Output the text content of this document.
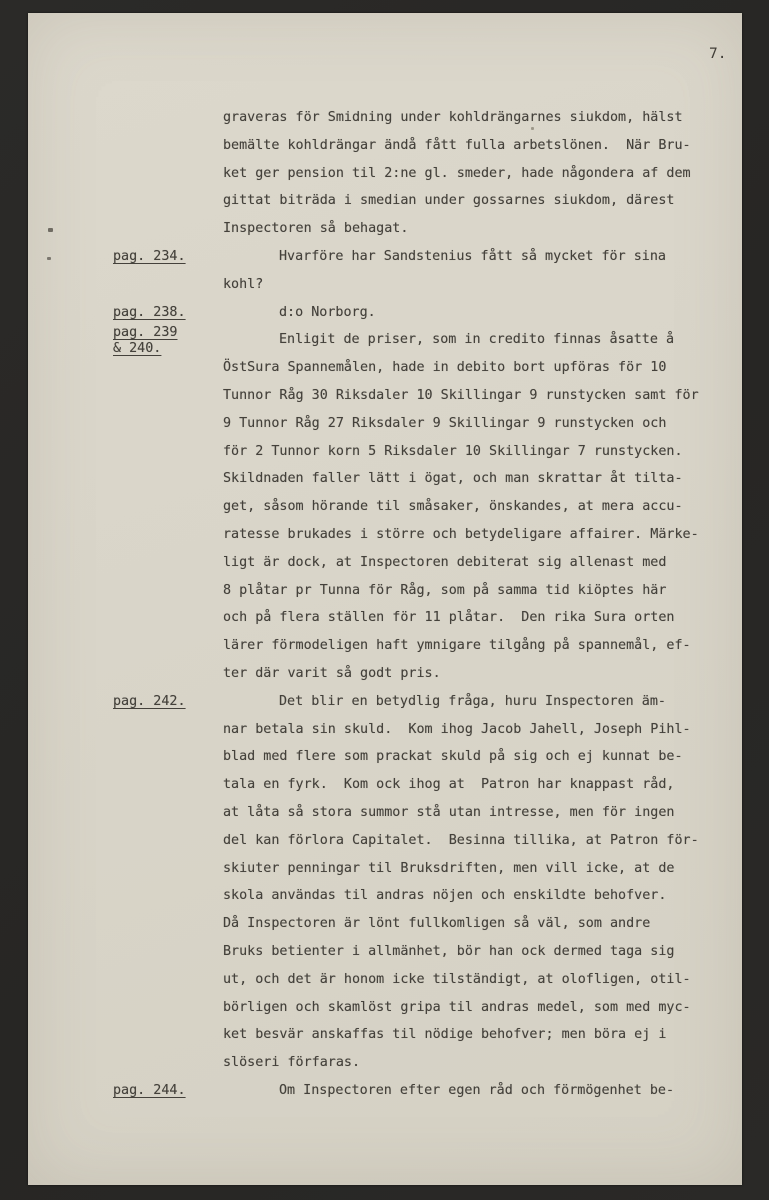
7.
graveras för Smidning under kohldrängarnes siukdom, hälst
bemälte kohldrängar ändå fått fulla arbetslönen.  När Bru-
ket ger pension til 2:ne gl. smeder, hade någondera af dem
gittat biträda i smedian under gossarnes siukdom, därest
Inspectoren så behagat.
pag. 234.	Hvarföre har Sandstenius fått så mycket för sina
kohl?
pag. 238.	d:o Norborg.
pag. 239
& 240.
Enligit de priser, som in credito finnas åsatte å
ÖstSura Spannemålen, hade in debito bort upföras för 10
Tunnor Råg 30 Riksdaler 10 Skillingar 9 runstycken samt för
9 Tunnor Råg 27 Riksdaler 9 Skillingar 9 runstycken och
för 2 Tunnor korn 5 Riksdaler 10 Skillingar 7 runstycken.
Skildnaden faller lätt i ögat, och man skrattar åt tilta-
get, såsom hörande til småsaker, önskandes, at mera accu-
ratesse brukades i större och betydeligare affairer. Märke-
ligt är dock, at Inspectoren debiterat sig allenast med
8 plåtar pr Tunna för Råg, som på samma tid kiöptes här
och på flera ställen för 11 plåtar.  Den rika Sura orten
lärer förmodeligen haft ymnigare tilgång på spannemål, ef-
ter där varit så godt pris.
pag. 242.	Det blir en betydlig fråga, huru Inspectoren äm-
nar betala sin skuld.  Kom ihog Jacob Jahell, Joseph Pihl-
blad med flere som prackat skuld på sig och ej kunnat be-
tala en fyrk.  Kom ock ihog at  Patron har knappast råd,
at låta så stora summor stå utan intresse, men för ingen
del kan förlora Capitalet.  Besinna tillika, at Patron för-
skiuter penningar til Bruksdriften, men vill icke, at de
skola användas til andras nöjen och enskildte behofver.
Då Inspectoren är lönt fullkomligen så väl, som andre
Bruks betienter i allmänhet, bör han ock dermed taga sig
ut, och det är honom icke tilständigt, at olofligen, otil-
börligen och skamlöst gripa til andras medel, som med myc-
ket besvär anskaffas til nödige behofver; men böra ej i
slöseri förfaras.
pag. 244.	Om Inspectoren efter egen råd och förmögenhet be-
